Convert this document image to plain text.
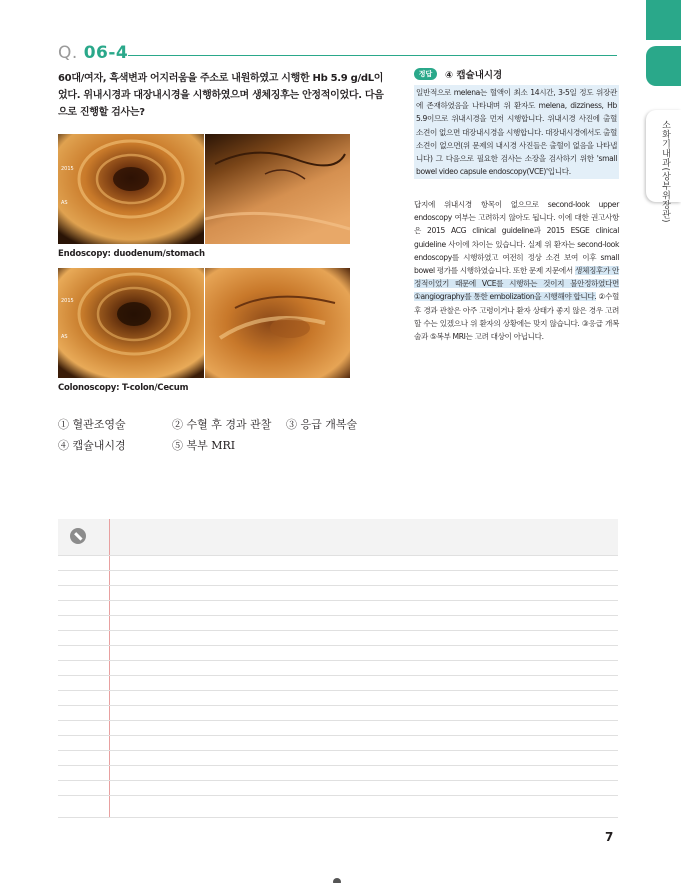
소화기내과(상부위장관)
Q. 06-4
60대/여자, 흑색변과 어지러움을 주소로 내원하였고 시행한 Hb 5.9 g/dL이었다. 위내시경과 대장내시경을 시행하였으며 생체징후는 안정적이었다. 다음으로 진행할 검사는?
2015
AS
Endoscopy: duodenum/stomach
2015
AS
Colonoscopy: T-colon/Cecum
① 혈관조영술	② 수혈 후 경과 관찰 ③ 응급 개복술
④ 캡슐내시경	⑤ 복부 MRI
정답	④ 캡슐내시경

일반적으로 melena는 혈액이 최소 14시간, 3-5일 정도 위장관에 존재하였음을 나타내며 위 환자도 melena, dizziness, Hb 5.9이므로 위내시경을 먼저 시행합니다. 위내시경 사진에 출혈 소견이 없으면 대장내시경을 시행합니다. 대장내시경에서도 출혈 소견이 없으면(위 문제의 내시경 사진들은 출혈이 없음을 나타냅니다) 그 다음으로 필요한 검사는 소장을 검사하기 위한 'small bowel video capsule endoscopy(VCE)'입니다.

답지에 위내시경 항목이 없으므로 second-look upper endoscopy 여부는 고려하지 않아도 됩니다. 이에 대한 권고사항은 2015 ACG clinical guideline과 2015 ESGE clinical guideline 사이에 차이는 있습니다. 실제 위 환자는 second-look endoscopy를 시행하였고 여전히 정상 소견 보여 이후 small bowel 평가를 시행하였습니다. 또한 문제 지문에서 생체징후가 안정적이었기 때문에 VCE를 시행하는 것이지 불안정하였다면 ①angiography를 통한 embolization을 시행해야 합니다. ②수혈 후 경과 관찰은 아주 고령이거나 환자 상태가 좋지 않은 경우 고려할 수는 있겠으나 위 환자의 상황에는 맞지 않습니다. ③응급 개복술과 ⑤복부 MRI는 고려 대상이 아닙니다.

7
